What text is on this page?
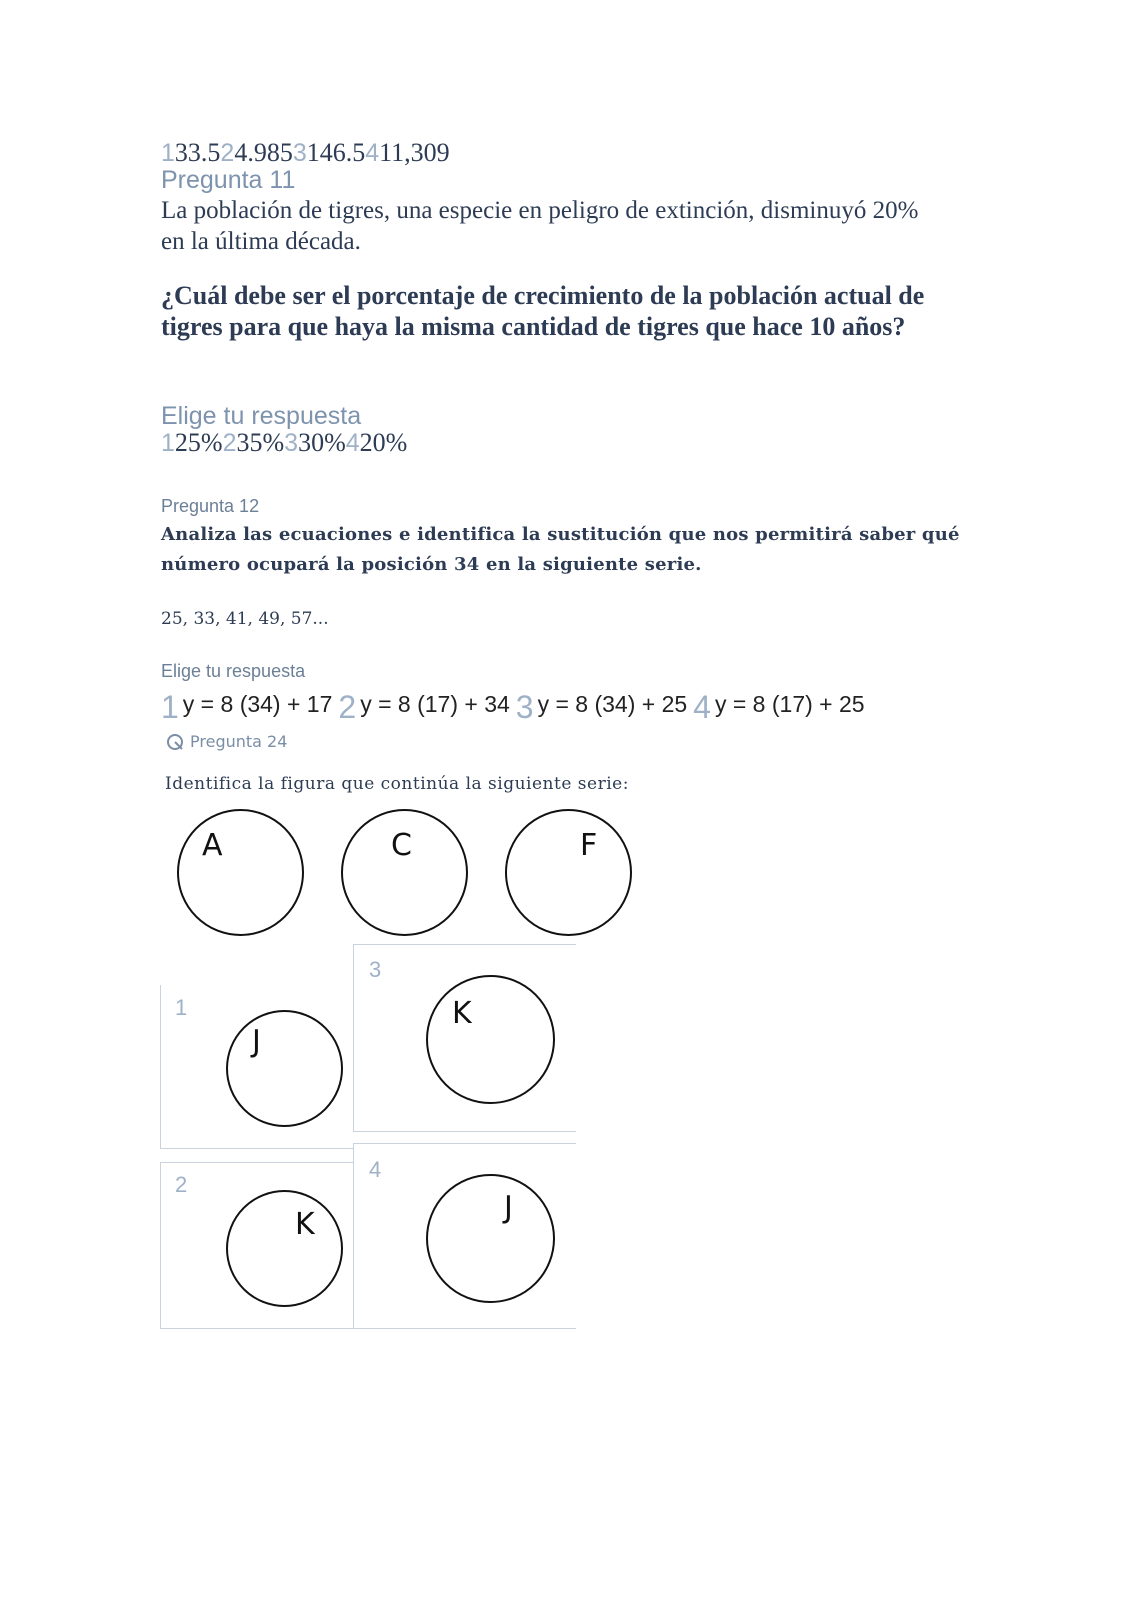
133.524.9853146.5411,309
Pregunta 11
La población de tigres, una especie en peligro de extinción, disminuyó 20% en la última década.
¿Cuál debe ser el porcentaje de crecimiento de la población actual de tigres para que haya la misma cantidad de tigres que hace 10 años?
Elige tu respuesta
125%235%330%420%
Pregunta 12
Analiza las ecuaciones e identifica la sustitución que nos permitirá saber qué número ocupará la posición 34 en la siguiente serie.
25, 33, 41, 49, 57...
Elige tu respuesta
1 y = 8 (34) + 17 2 y = 8 (17) + 34 3 y = 8 (34) + 25 4 y = 8 (17) + 25
Pregunta 24
Identifica la figura que continúa la siguiente serie:
A	C	F
1
J
3
K
2
K
4
J
